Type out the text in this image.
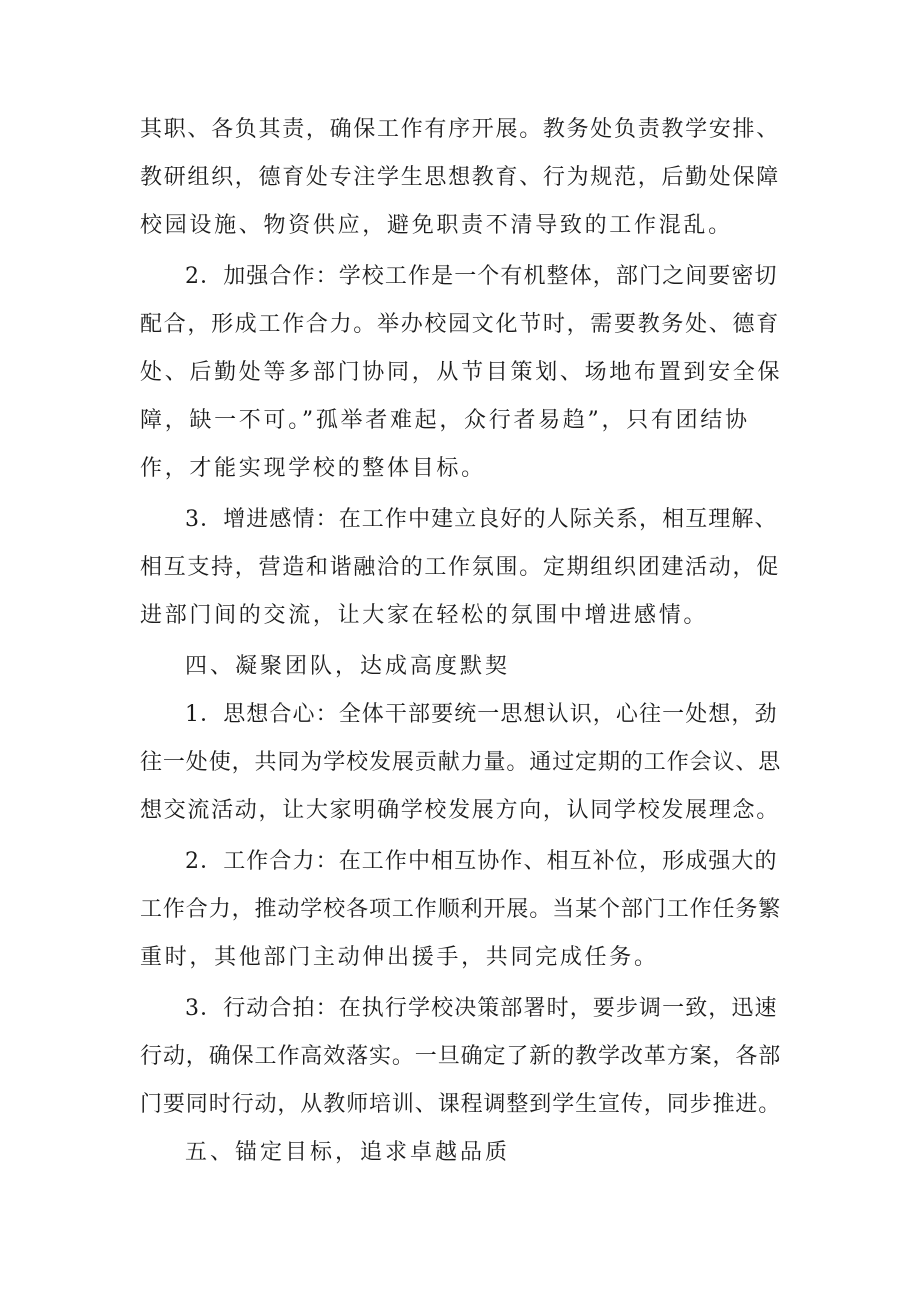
其职、各负其责，确保工作有序开展。教务处负责教学安排、
教研组织，德育处专注学生思想教育、行为规范，后勤处保障
校园设施、物资供应，避免职责不清导致的工作混乱。
2．加强合作：学校工作是一个有机整体，部门之间要密切
配合，形成工作合力。举办校园文化节时，需要教务处、德育
处、后勤处等多部门协同，从节目策划、场地布置到安全保
障，缺一不可。”孤举者难起，众行者易趋”，只有团结协
作，才能实现学校的整体目标。
3．增进感情：在工作中建立良好的人际关系，相互理解、
相互支持，营造和谐融洽的工作氛围。定期组织团建活动，促
进部门间的交流，让大家在轻松的氛围中增进感情。
四、凝聚团队，达成高度默契
1．思想合心：全体干部要统一思想认识，心往一处想，劲
往一处使，共同为学校发展贡献力量。通过定期的工作会议、思
想交流活动，让大家明确学校发展方向，认同学校发展理念。
2．工作合力：在工作中相互协作、相互补位，形成强大的
工作合力，推动学校各项工作顺利开展。当某个部门工作任务繁
重时，其他部门主动伸出援手，共同完成任务。
3．行动合拍：在执行学校决策部署时，要步调一致，迅速
行动，确保工作高效落实。一旦确定了新的教学改革方案，各部
门要同时行动，从教师培训、课程调整到学生宣传，同步推进。
五、锚定目标，追求卓越品质
